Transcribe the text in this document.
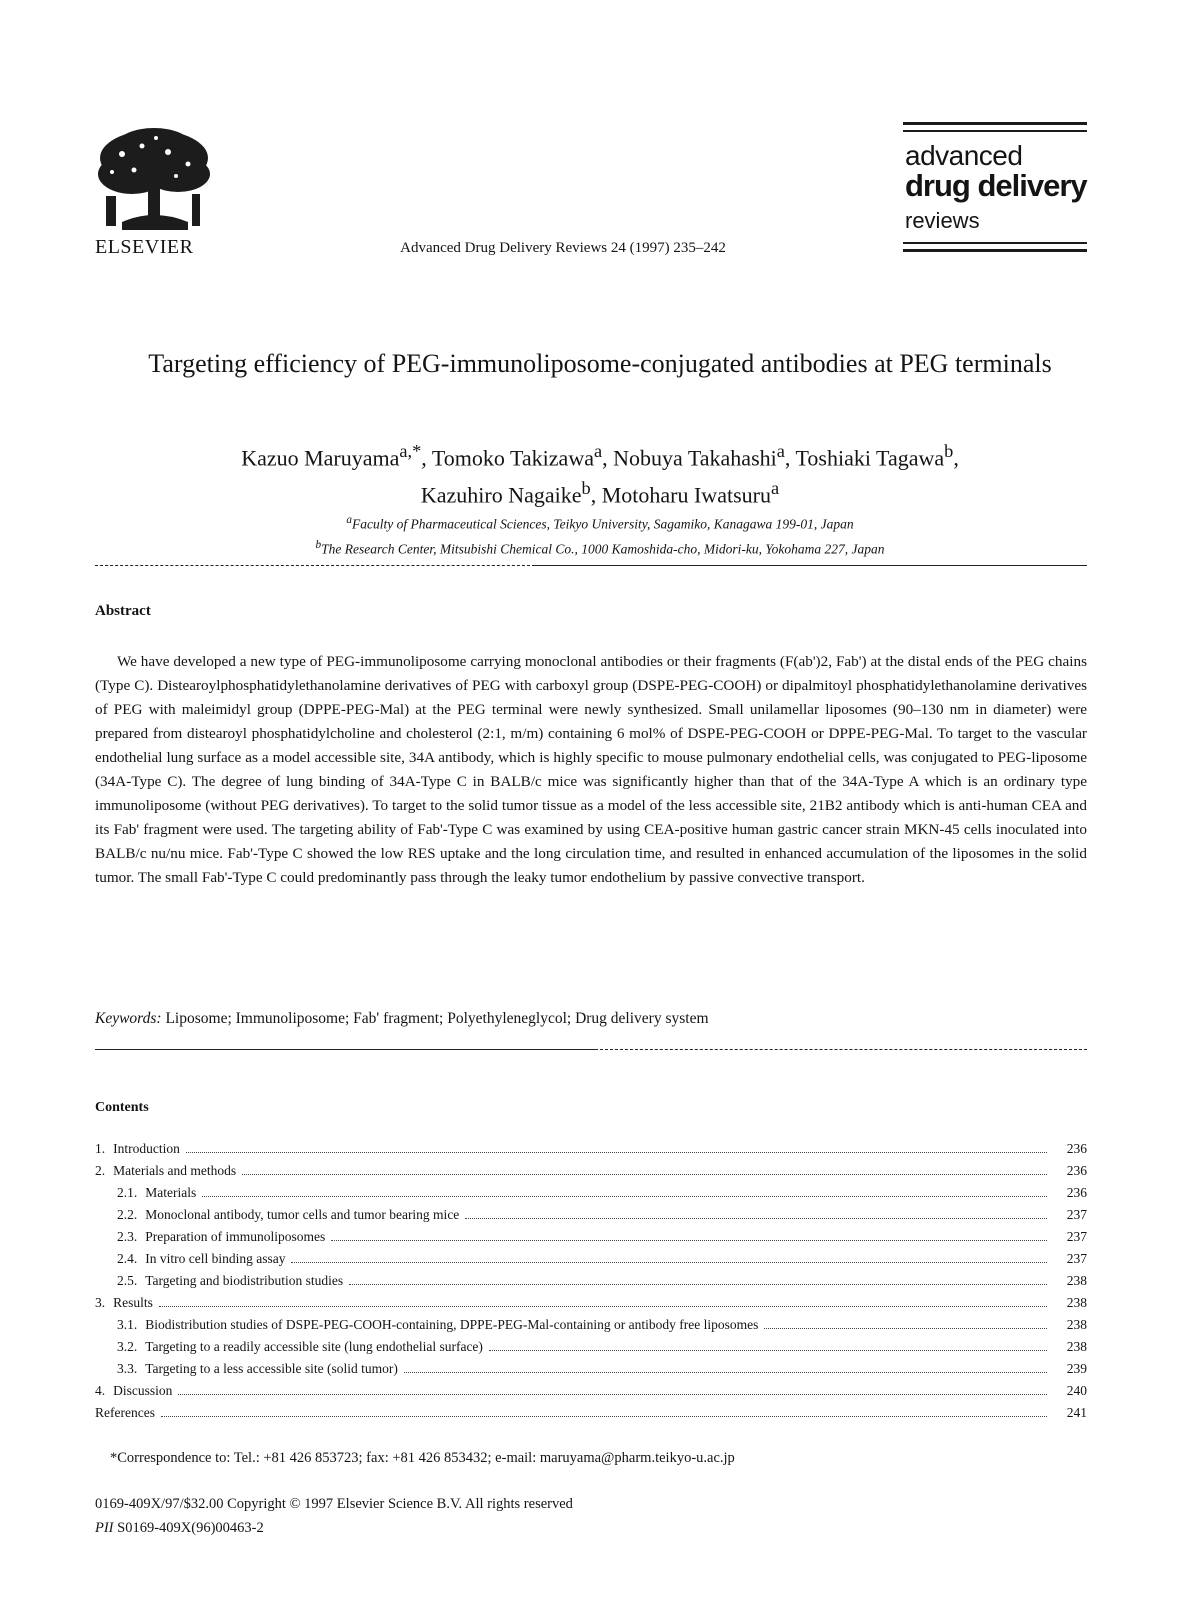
ELSEVIER	Advanced Drug Delivery Reviews 24 (1997) 235–242
advanced
drug delivery
reviews
Targeting efficiency of PEG-immunoliposome-conjugated antibodies at PEG terminals
Kazuo Maruyama$^{a,*}$, Tomoko Takizawa$^a$, Nobuya Takahashi$^a$, Toshiaki Tagawa$^b$,
Kazuhiro Nagaike$^b$, Motoharu Iwatsuru$^a$
$^a$Faculty of Pharmaceutical Sciences, Teikyo University, Sagamiko, Kanagawa 199-01, Japan
$^b$The Research Center, Mitsubishi Chemical Co., 1000 Kamoshida-cho, Midori-ku, Yokohama 227, Japan
Abstract
We have developed a new type of PEG-immunoliposome carrying monoclonal antibodies or their fragments (F(ab')2, Fab') at the distal ends of the PEG chains (Type C). Distearoylphosphatidylethanolamine derivatives of PEG with carboxyl group (DSPE-PEG-COOH) or dipalmitoyl phosphatidylethanolamine derivatives of PEG with maleimidyl group (DPPE-PEG-Mal) at the PEG terminal were newly synthesized. Small unilamellar liposomes (90–130 nm in diameter) were prepared from distearoyl phosphatidylcholine and cholesterol (2:1, m/m) containing 6 mol% of DSPE-PEG-COOH or DPPE-PEG-Mal. To target to the vascular endothelial lung surface as a model accessible site, 34A antibody, which is highly specific to mouse pulmonary endothelial cells, was conjugated to PEG-liposome (34A-Type C). The degree of lung binding of 34A-Type C in BALB/c mice was significantly higher than that of the 34A-Type A which is an ordinary type immunoliposome (without PEG derivatives). To target to the solid tumor tissue as a model of the less accessible site, 21B2 antibody which is anti-human CEA and its Fab' fragment were used. The targeting ability of Fab'-Type C was examined by using CEA-positive human gastric cancer strain MKN-45 cells inoculated into BALB/c nu/nu mice. Fab'-Type C showed the low RES uptake and the long circulation time, and resulted in enhanced accumulation of the liposomes in the solid tumor. The small Fab'-Type C could predominantly pass through the leaky tumor endothelium by passive convective transport.
Keywords: Liposome; Immunoliposome; Fab' fragment; Polyethyleneglycol; Drug delivery system
Contents
1. Introduction	236
2. Materials and methods	236
2.1. Materials	236
2.2. Monoclonal antibody, tumor cells and tumor bearing mice	237
2.3. Preparation of immunoliposomes	237
2.4. In vitro cell binding assay	237
2.5. Targeting and biodistribution studies	238
3. Results	238
3.1. Biodistribution studies of DSPE-PEG-COOH-containing, DPPE-PEG-Mal-containing or antibody free liposomes	238
3.2. Targeting to a readily accessible site (lung endothelial surface)	238
3.3. Targeting to a less accessible site (solid tumor)	239
4. Discussion	240
References	241
*Correspondence to: Tel.: +81 426 853723; fax: +81 426 853432; e-mail: maruyama@pharm.teikyo-u.ac.jp
0169-409X/97/$32.00 Copyright © 1997 Elsevier Science B.V. All rights reserved
PII S0169-409X(96)00463-2
